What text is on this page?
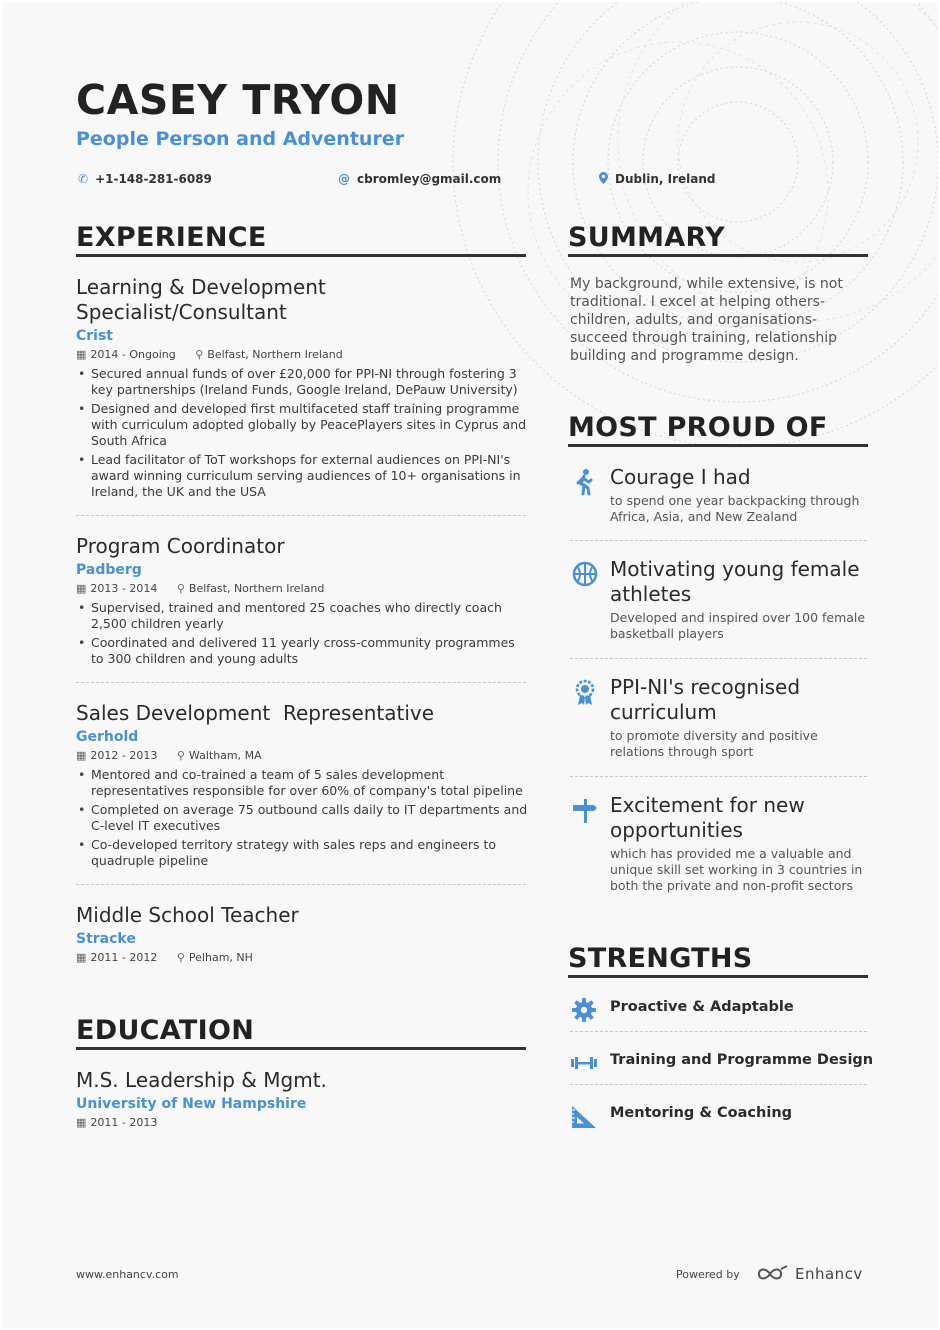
CASEY TRYON
People Person and Adventurer
✆ +1-148-281-6089	@ cbromley@gmail.com	Dublin, Ireland
EXPERIENCE
Learning & Development Specialist/Consultant
Crist
▦ 2014 - Ongoing ⚲ Belfast, Northern Ireland
• Secured annual funds of over £20,000 for PPI-NI through fostering 3 key partnerships (Ireland Funds, Google Ireland, DePauw University)
• Designed and developed first multifaceted staff training programme with curriculum adopted globally by PeacePlayers sites in Cyprus and South Africa
• Lead facilitator of ToT workshops for external audiences on PPI-NI's award winning curriculum serving audiences of 10+ organisations in Ireland, the UK and the USA
Program Coordinator
Padberg
▦ 2013 - 2014 ⚲ Belfast, Northern Ireland
• Supervised, trained and mentored 25 coaches who directly coach 2,500 children yearly
• Coordinated and delivered 11 yearly cross-community programmes to 300 children and young adults
Sales Development  Representative
Gerhold
▦ 2012 - 2013 ⚲ Waltham, MA
• Mentored and co-trained a team of 5 sales development representatives responsible for over 60% of company's total pipeline
• Completed on average 75 outbound calls daily to IT departments and C-level IT executives
• Co-developed territory strategy with sales reps and engineers to quadruple pipeline
Middle School Teacher
Stracke
▦ 2011 - 2012 ⚲ Pelham, NH
EDUCATION
M.S. Leadership & Mgmt.
University of New Hampshire
▦ 2011 - 2013
SUMMARY
My background, while extensive, is not traditional. I excel at helping others- children, adults, and organisations- succeed through training, relationship building and programme design.
MOST PROUD OF
Courage I had
to spend one year backpacking through Africa, Asia, and New Zealand
Motivating young female athletes
Developed and inspired over 100 female basketball players
PPI-NI's recognised curriculum
to promote diversity and positive relations through sport
Excitement for new opportunities
which has provided me a valuable and unique skill set working in 3 countries in both the private and non-profit sectors
STRENGTHS
Proactive & Adaptable
Training and Programme Design
Mentoring & Coaching
www.enhancv.com	Powered by	Enhancv
